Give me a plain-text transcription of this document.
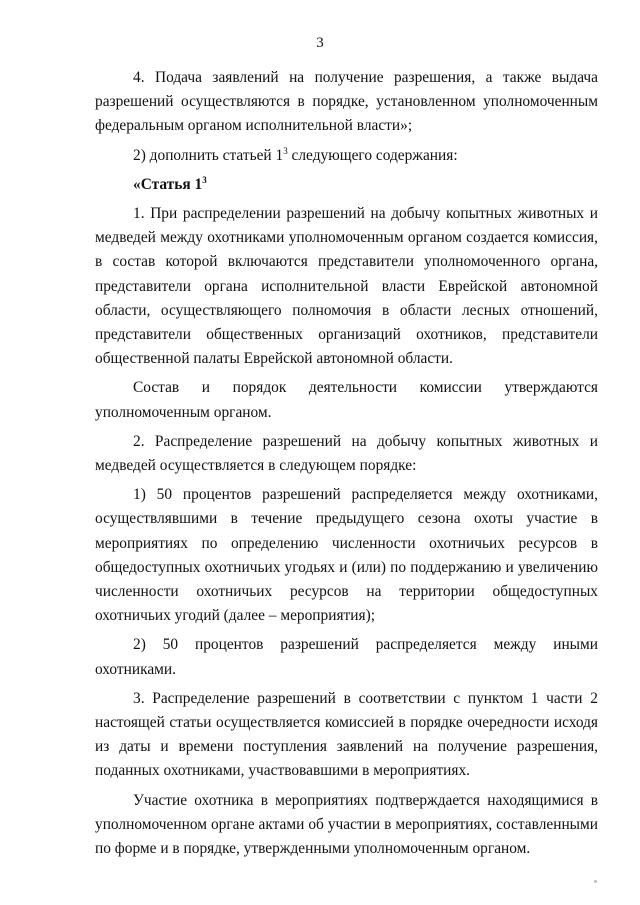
3

4. Подача заявлений на получение разрешения, а также выдача разрешений осуществляются в порядке, установленном уполномоченным федеральным органом исполнительной власти»;

2) дополнить статьей $1^3$ следующего содержания:

«Статья $1^3$

1. При распределении разрешений на добычу копытных животных и медведей между охотниками уполномоченным органом создается комиссия, в состав которой включаются представители уполномоченного органа, представители органа исполнительной власти Еврейской автономной области, осуществляющего полномочия в области лесных отношений, представители общественных организаций охотников, представители общественной палаты Еврейской автономной области.

Состав и порядок деятельности комиссии утверждаются уполномоченным органом.

2. Распределение разрешений на добычу копытных животных и медведей осуществляется в следующем порядке:

1) 50 процентов разрешений распределяется между охотниками, осуществлявшими в течение предыдущего сезона охоты участие в мероприятиях по определению численности охотничьих ресурсов в общедоступных охотничьих угодьях и (или) по поддержанию и увеличению численности охотничьих ресурсов на территории общедоступных охотничьих угодий (далее – мероприятия);

2) 50 процентов разрешений распределяется между иными охотниками.

3. Распределение разрешений в соответствии с пунктом 1 части 2 настоящей статьи осуществляется комиссией в порядке очередности исходя из даты и времени поступления заявлений на получение разрешения, поданных охотниками, участвовавшими в мероприятиях.

Участие охотника в мероприятиях подтверждается находящимися в уполномоченном органе актами об участии в мероприятиях, составленными по форме и в порядке, утвержденными уполномоченным органом.
